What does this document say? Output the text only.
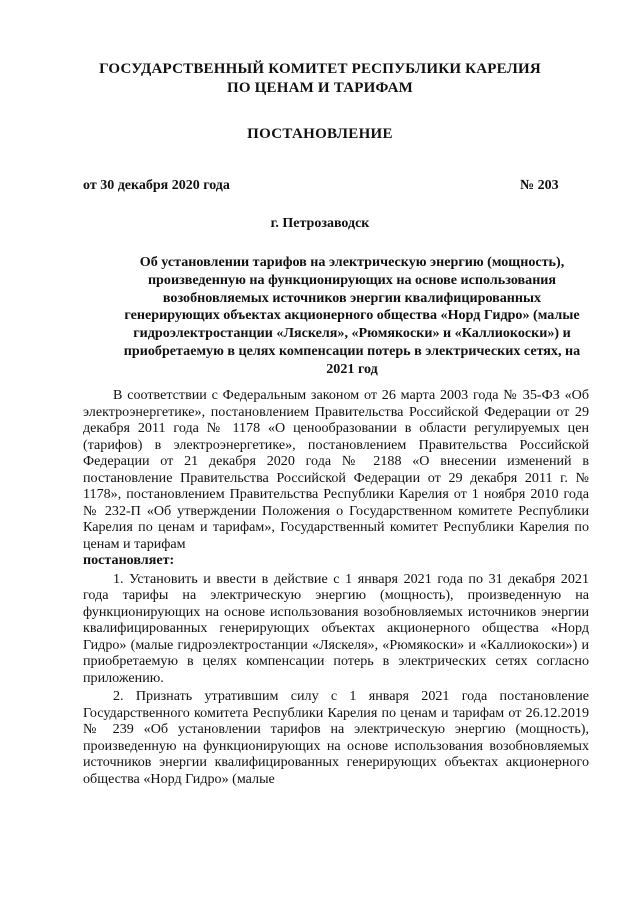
ГОСУДАРСТВЕННЫЙ КОМИТЕТ РЕСПУБЛИКИ КАРЕЛИЯ
ПО ЦЕНАМ И ТАРИФАМ
ПОСТАНОВЛЕНИЕ
от 30 декабря 2020 года	№ 203
г. Петрозаводск
Об установлении тарифов на электрическую энергию (мощность), произведенную на функционирующих на основе использования возобновляемых источников энергии квалифицированных генерирующих объектах акционерного общества «Норд Гидро» (малые гидроэлектростанции «Ляскеля», «Рюмякоски» и «Каллиокоски») и приобретаемую в целях компенсации потерь в электрических сетях, на 2021 год

В соответствии с Федеральным законом от 26 марта 2003 года № 35-ФЗ «Об электроэнергетике», постановлением Правительства Российской Федерации от 29 декабря 2011 года № 1178 «О ценообразовании в области регулируемых цен (тарифов) в электроэнергетике», постановлением Правительства Российской Федерации от 21 декабря 2020 года № 2188 «О внесении изменений в постановление Правительства Российской Федерации от 29 декабря 2011 г. № 1178», постановлением Правительства Республики Карелия от 1 ноября 2010 года № 232-П «Об утверждении Положения о Государственном комитете Республики Карелия по ценам и тарифам», Государственный комитет Республики Карелия по ценам и тарифам
постановляет:

1. Установить и ввести в действие с 1 января 2021 года по 31 декабря 2021 года тарифы на электрическую энергию (мощность), произведенную на функционирующих на основе использования возобновляемых источников энергии квалифицированных генерирующих объектах акционерного общества «Норд Гидро» (малые гидроэлектростанции «Ляскеля», «Рюмякоски» и «Каллиокоски») и приобретаемую в целях компенсации потерь в электрических сетях согласно приложению.

2. Признать утратившим силу с 1 января 2021 года постановление Государственного комитета Республики Карелия по ценам и тарифам от 26.12.2019 № 239 «Об установлении тарифов на электрическую энергию (мощность), произведенную на функционирующих на основе использования возобновляемых источников энергии квалифицированных генерирующих объектах акционерного общества «Норд Гидро» (малые
